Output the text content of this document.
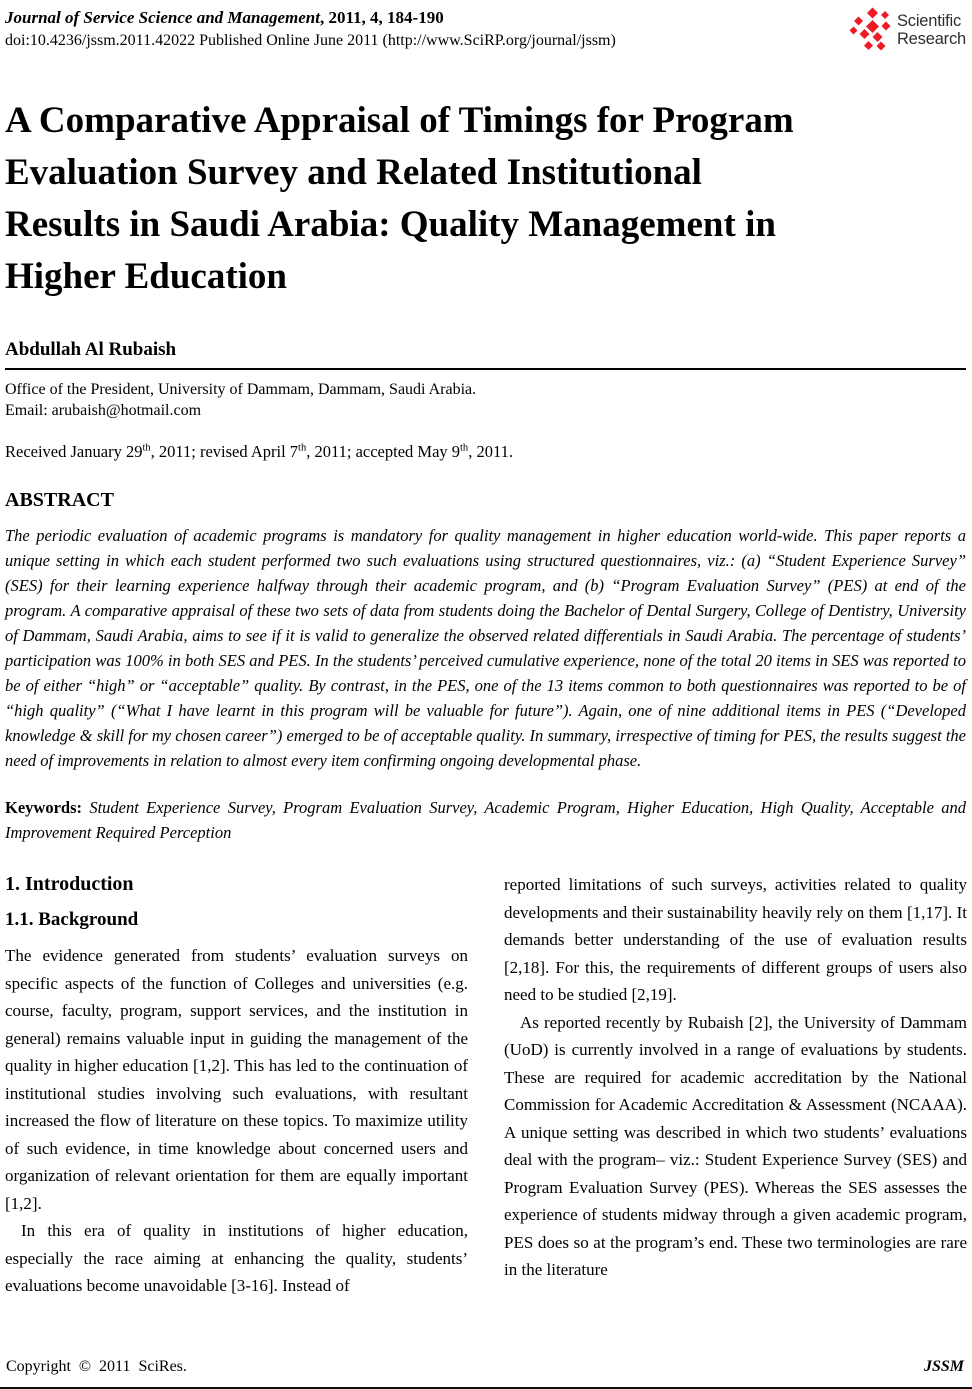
Journal of Service Science and Management, 2011, 4, 184-190
doi:10.4236/jssm.2011.42022 Published Online June 2011 (http://www.SciRP.org/journal/jssm)
Scientific
Research
A Comparative Appraisal of Timings for Program
Evaluation Survey and Related Institutional
Results in Saudi Arabia: Quality Management in
Higher Education
Abdullah Al Rubaish
Office of the President, University of Dammam, Dammam, Saudi Arabia.
Email: arubaish@hotmail.com
Received January 29th, 2011; revised April 7th, 2011; accepted May 9th, 2011.
ABSTRACT

The periodic evaluation of academic programs is mandatory for quality management in higher education world-wide. This paper reports a unique setting in which each student performed two such evaluations using structured questionnaires, viz.: (a) “Student Experience Survey” (SES) for their learning experience halfway through their academic program, and (b) “Program Evaluation Survey” (PES) at end of the program. A comparative appraisal of these two sets of data from students doing the Bachelor of Dental Surgery, College of Dentistry, University of Dammam, Saudi Arabia, aims to see if it is valid to generalize the observed related differentials in Saudi Arabia. The percentage of students’ participation was 100% in both SES and PES. In the students’ perceived cumulative experience, none of the total 20 items in SES was reported to be of either “high” or “acceptable” quality. By contrast, in the PES, one of the 13 items common to both questionnaires was reported to be of “high quality” (“What I have learnt in this program will be valuable for future”). Again, one of nine additional items in PES (“Developed knowledge & skill for my chosen career”) emerged to be of acceptable quality. In summary, irrespective of timing for PES, the results suggest the need of improvements in relation to almost every item confirming ongoing developmental phase.

Keywords: Student Experience Survey, Program Evaluation Survey, Academic Program, Higher Education, High Quality, Acceptable and Improvement Required Perception

1. Introduction
1.1. Background

The evidence generated from students’ evaluation surveys on specific aspects of the function of Colleges and universities (e.g. course, faculty, program, support services, and the institution in general) remains valuable input in guiding the management of the quality in higher education [1,2]. This has led to the continuation of institutional studies involving such evaluations, with resultant increased the flow of literature on these topics. To maximize utility of such evidence, in time knowledge about concerned users and organization of relevant orientation for them are equally important [1,2].

In this era of quality in institutions of higher education, especially the race aiming at enhancing the quality, students’ evaluations become unavoidable [3-16]. Instead of

reported limitations of such surveys, activities related to quality developments and their sustainability heavily rely on them [1,17]. It demands better understanding of the use of evaluation results [2,18]. For this, the requirements of different groups of users also need to be studied [2,19].

As reported recently by Rubaish [2], the University of Dammam (UoD) is currently involved in a range of evaluations by students. These are required for academic accreditation by the National Commission for Academic Accreditation & Assessment (NCAAA). A unique setting was described in which two students’ evaluations deal with the program– viz.: Student Experience Survey (SES) and Program Evaluation Survey (PES). Whereas the SES assesses the experience of students midway through a given academic program, PES does so at the program’s end. These two terminologies are rare in the literature

Copyright © 2011 SciRes.	JSSM
